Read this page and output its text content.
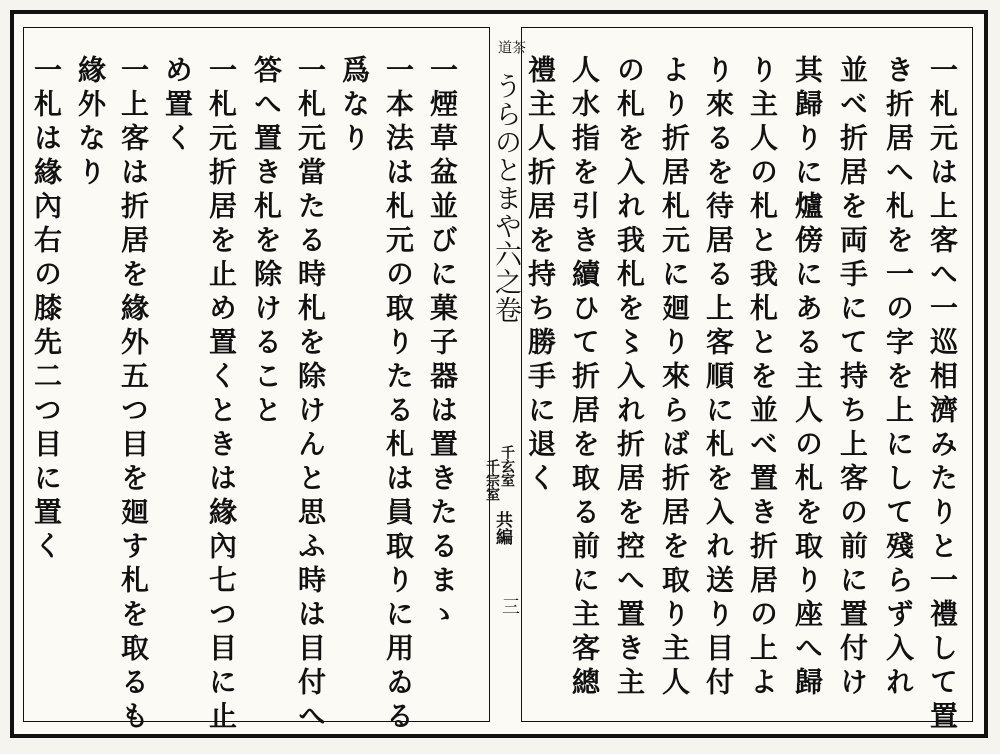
一札元は上客へ一巡相濟みたりと一禮して置
き折居へ札を一の字を上にして殘らず入れ
並べ折居を両手にて持ち上客の前に置付け
其歸りに爐傍にある主人の札を取り座へ歸
り主人の札と我札とを並べ置き折居の上よ
り來るを待居る上客順に札を入れ送り目付
より折居札元に廻り來らば折居を取り主人
の札を入れ我札を〻入れ折居を控へ置き主
人水指を引き續ひて折居を取る前に主客總
禮主人折居を持ち勝手に退く
茶
道
うらのとまや六之卷
千玄室
千宗室
共編
三
一煙草盆並びに菓子器は置きたるまゝ
一本法は札元の取りたる札は員取りに用ゐる
爲なり
一札元當たる時札を除けんと思ふ時は目付へ
答へ置き札を除けること
一札元折居を止め置くときは緣內七つ目に止
め置く
一上客は折居を緣外五つ目を廻す札を取るも
緣外なり
一札は緣內右の膝先二つ目に置く
